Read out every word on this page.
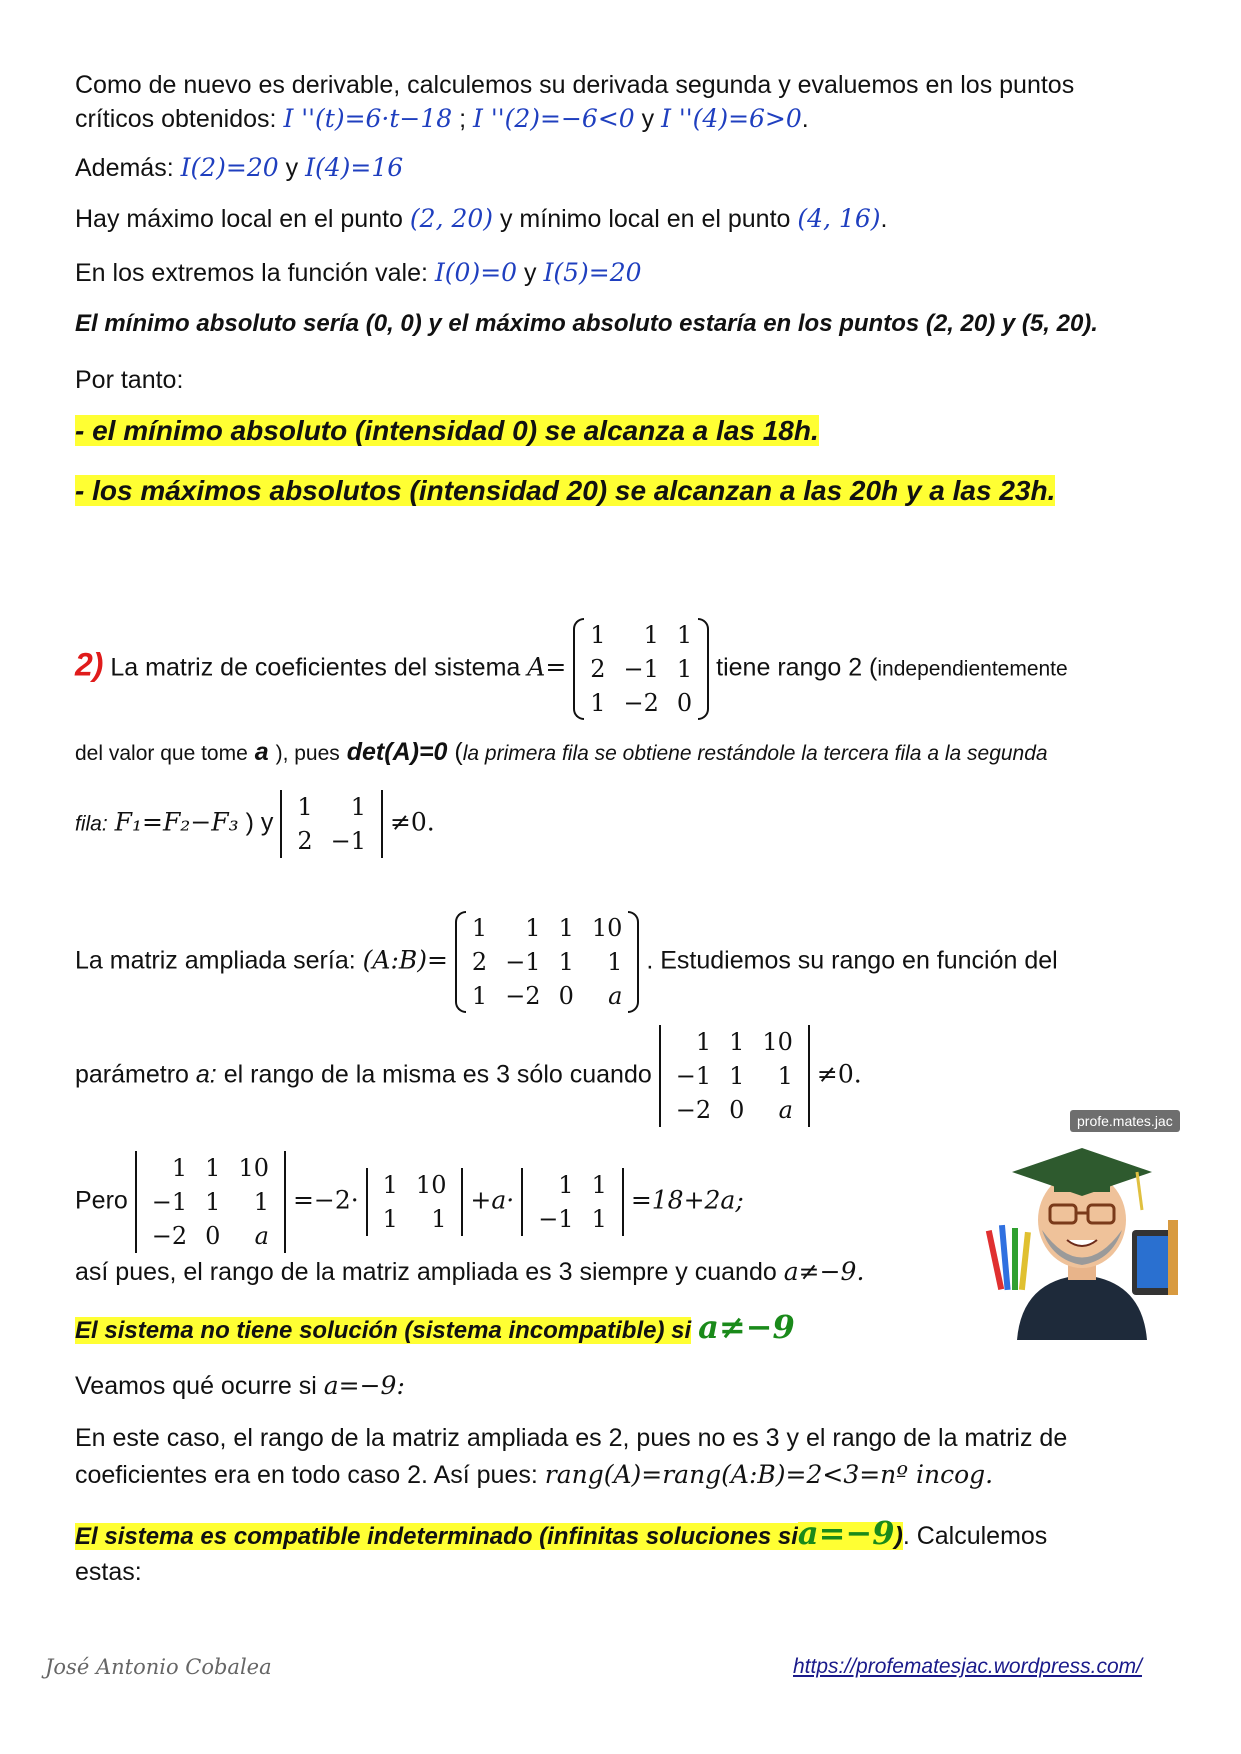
Como de nuevo es derivable, calculemos su derivada segunda y evaluemos en los puntos
críticos obtenidos: I ''(t)=6·t−18 ; I ''(2)=−6<0 y I ''(4)=6>0.
Además: I(2)=20 y I(4)=16
Hay máximo local en el punto (2, 20) y mínimo local en el punto (4, 16).
En los extremos la función vale: I(0)=0 y I(5)=20
El mínimo absoluto sería (0, 0) y el máximo absoluto estaría en los puntos (2, 20) y (5, 20).
Por tanto:
- el mínimo absoluto (intensidad 0) se alcanza a las 18h.
- los máximos absolutos (intensidad 20) se alcanzan a las 20h y a las 23h.
2) La matriz de coeficientes del sistema A=
1	1	1
2	−1	1
1	−2	0
tiene rango 2 (independientemente
del valor que tome a ), pues det(A)=0 (la primera fila se obtiene restándole la tercera fila a la segunda
fila: F₁=F₂−F₃ ) y
1	1
2	−1
≠0.
La matriz ampliada sería: (A:B)=
1	1	1	10
2	−1	1	1
1	−2	0	a
. Estudiemos su rango en función del
parámetro a: el rango de la misma es 3 sólo cuando
1	1	10
−1	1	1
−2	0	a
≠0.
Pero
1	1	10
−1	1	1
−2	0	a
=−2·
1	10
1	1
+a·
1	1
−1	1
=18+2a;
así pues, el rango de la matriz ampliada es 3 siempre y cuando a≠−9.
El sistema no tiene solución (sistema incompatible) si a≠−9
Veamos qué ocurre si a=−9:
En este caso, el rango de la matriz ampliada es 2, pues no es 3 y el rango de la matriz de
coeficientes era en todo caso 2. Así pues: rang(A)=rang(A:B)=2<3=nº incog.
El sistema es compatible indeterminado (infinitas soluciones sia=−9). Calculemos
estas:
profe.mates.jac
José Antonio Cobalea	https://profematesjac.wordpress.com/
